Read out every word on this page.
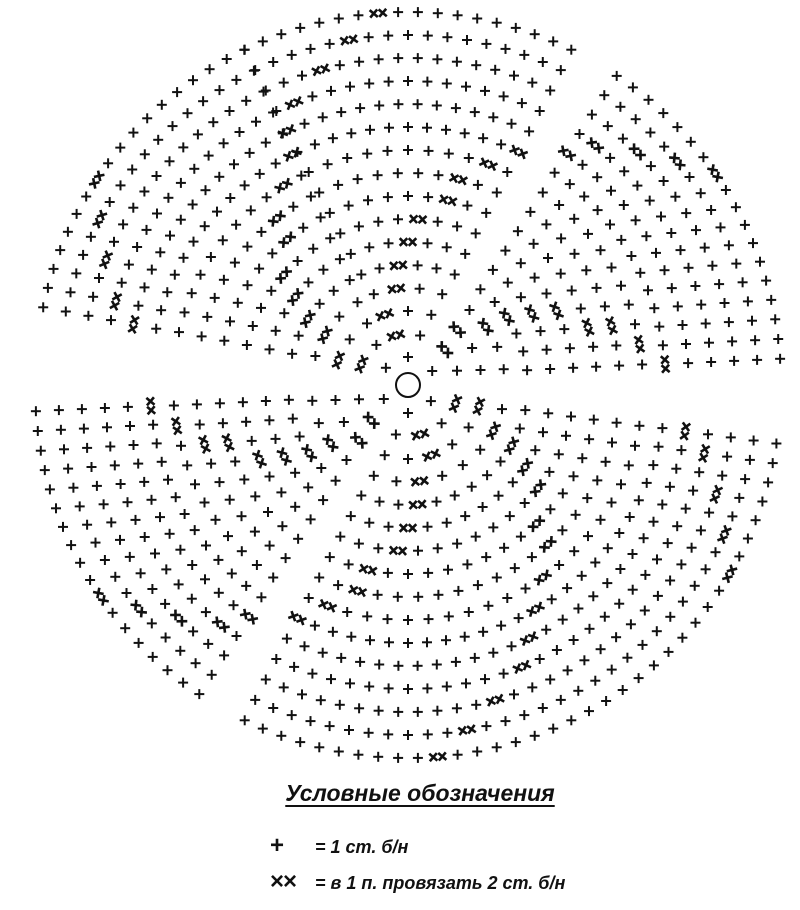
Условные обозначения
+ = 1 ст. б/н
×× = в 1 п. провязать 2 ст. б/н
